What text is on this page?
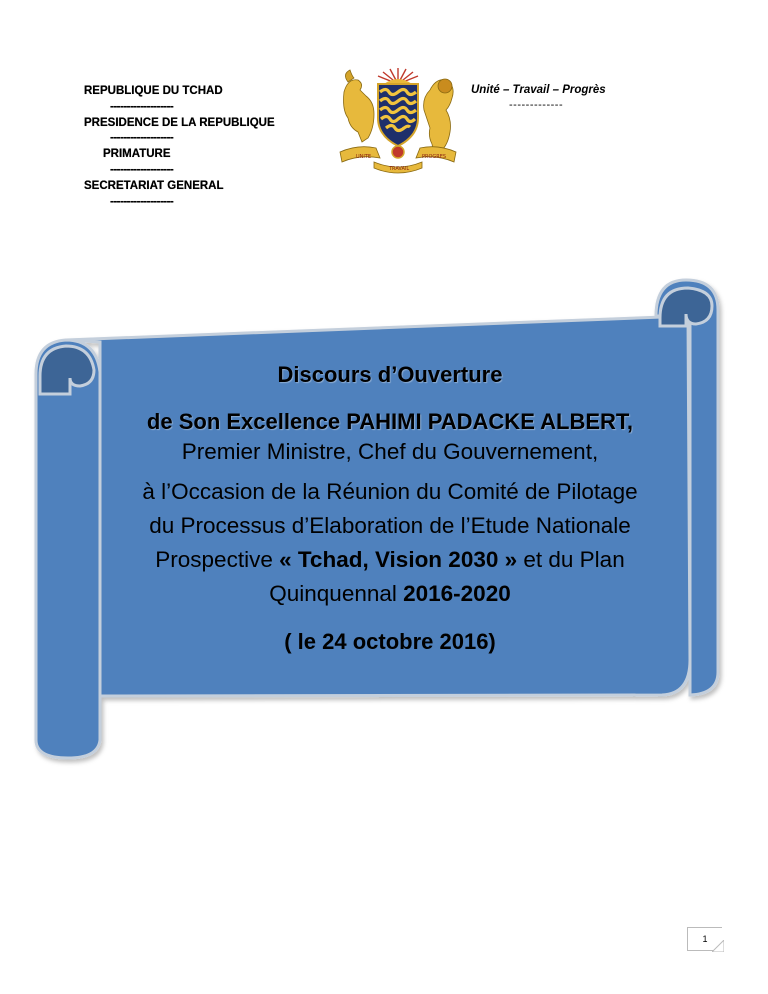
REPUBLIQUE DU TCHAD
-------------------
PRESIDENCE DE LA REPUBLIQUE
-------------------
PRIMATURE
-------------------
SECRETARIAT GENERAL
-------------------
Unité – Travail – Progrès
-------------
UNITE
TRAVAIL
PROGRES
Discours d’Ouverture
de Son Excellence PAHIMI PADACKE ALBERT,
Premier Ministre, Chef du Gouvernement,
à l’Occasion de la Réunion du Comité de Pilotage
du Processus d’Elaboration de l’Etude Nationale
Prospective « Tchad, Vision 2030 » et du Plan
Quinquennal 2016-2020
( le 24 octobre 2016)
1
